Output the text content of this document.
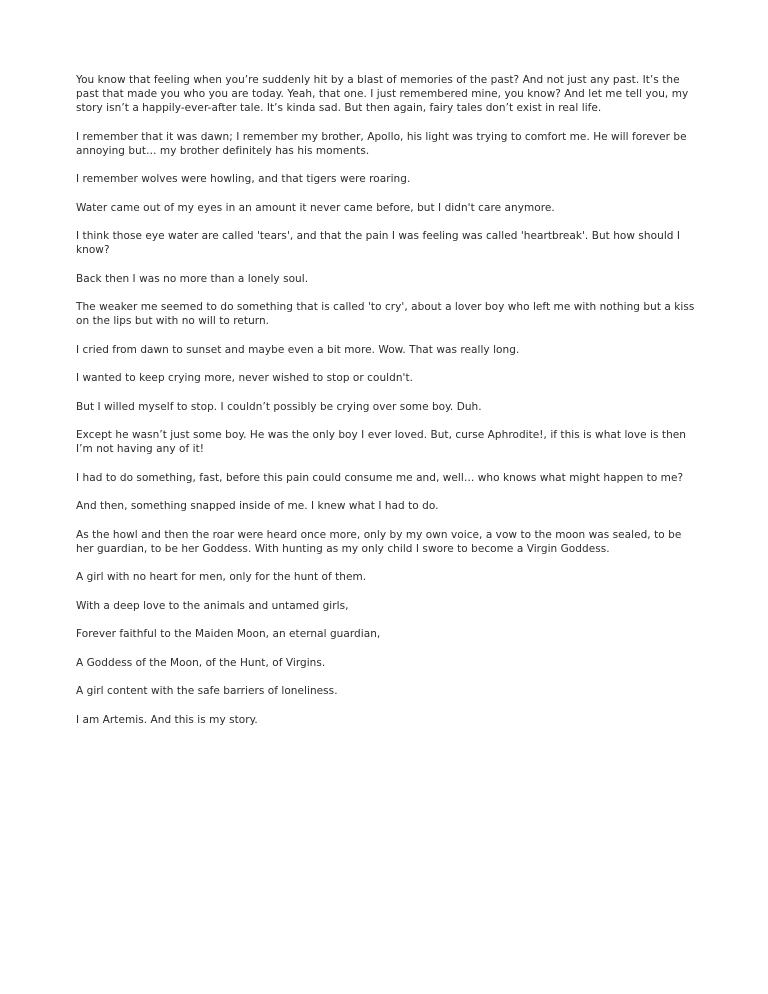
You know that feeling when you’re suddenly hit by a blast of memories of the past? And not just any past. It’s the past that made you who you are today. Yeah, that one. I just remembered mine, you know? And let me tell you, my story isn’t a happily-ever-after tale. It’s kinda sad. But then again, fairy tales don’t exist in real life.

I remember that it was dawn; I remember my brother, Apollo, his light was trying to comfort me. He will forever be annoying but… my brother definitely has his moments.

I remember wolves were howling, and that tigers were roaring.

Water came out of my eyes in an amount it never came before, but I didn't care anymore.

I think those eye water are called 'tears', and that the pain I was feeling was called 'heartbreak'. But how should I know?

Back then I was no more than a lonely soul.

The weaker me seemed to do something that is called 'to cry', about a lover boy who left me with nothing but a kiss on the lips but with no will to return.

I cried from dawn to sunset and maybe even a bit more. Wow. That was really long.

I wanted to keep crying more, never wished to stop or couldn't.

But I willed myself to stop. I couldn’t possibly be crying over some boy. Duh.

Except he wasn’t just some boy. He was the only boy I ever loved. But, curse Aphrodite!, if this is what love is then I’m not having any of it!

I had to do something, fast, before this pain could consume me and, well… who knows what might happen to me?

And then, something snapped inside of me. I knew what I had to do.

As the howl and then the roar were heard once more, only by my own voice, a vow to the moon was sealed, to be her guardian, to be her Goddess. With hunting as my only child I swore to become a Virgin Goddess.

A girl with no heart for men, only for the hunt of them.

With a deep love to the animals and untamed girls,

Forever faithful to the Maiden Moon, an eternal guardian,

A Goddess of the Moon, of the Hunt, of Virgins.

A girl content with the safe barriers of loneliness.

I am Artemis. And this is my story.
